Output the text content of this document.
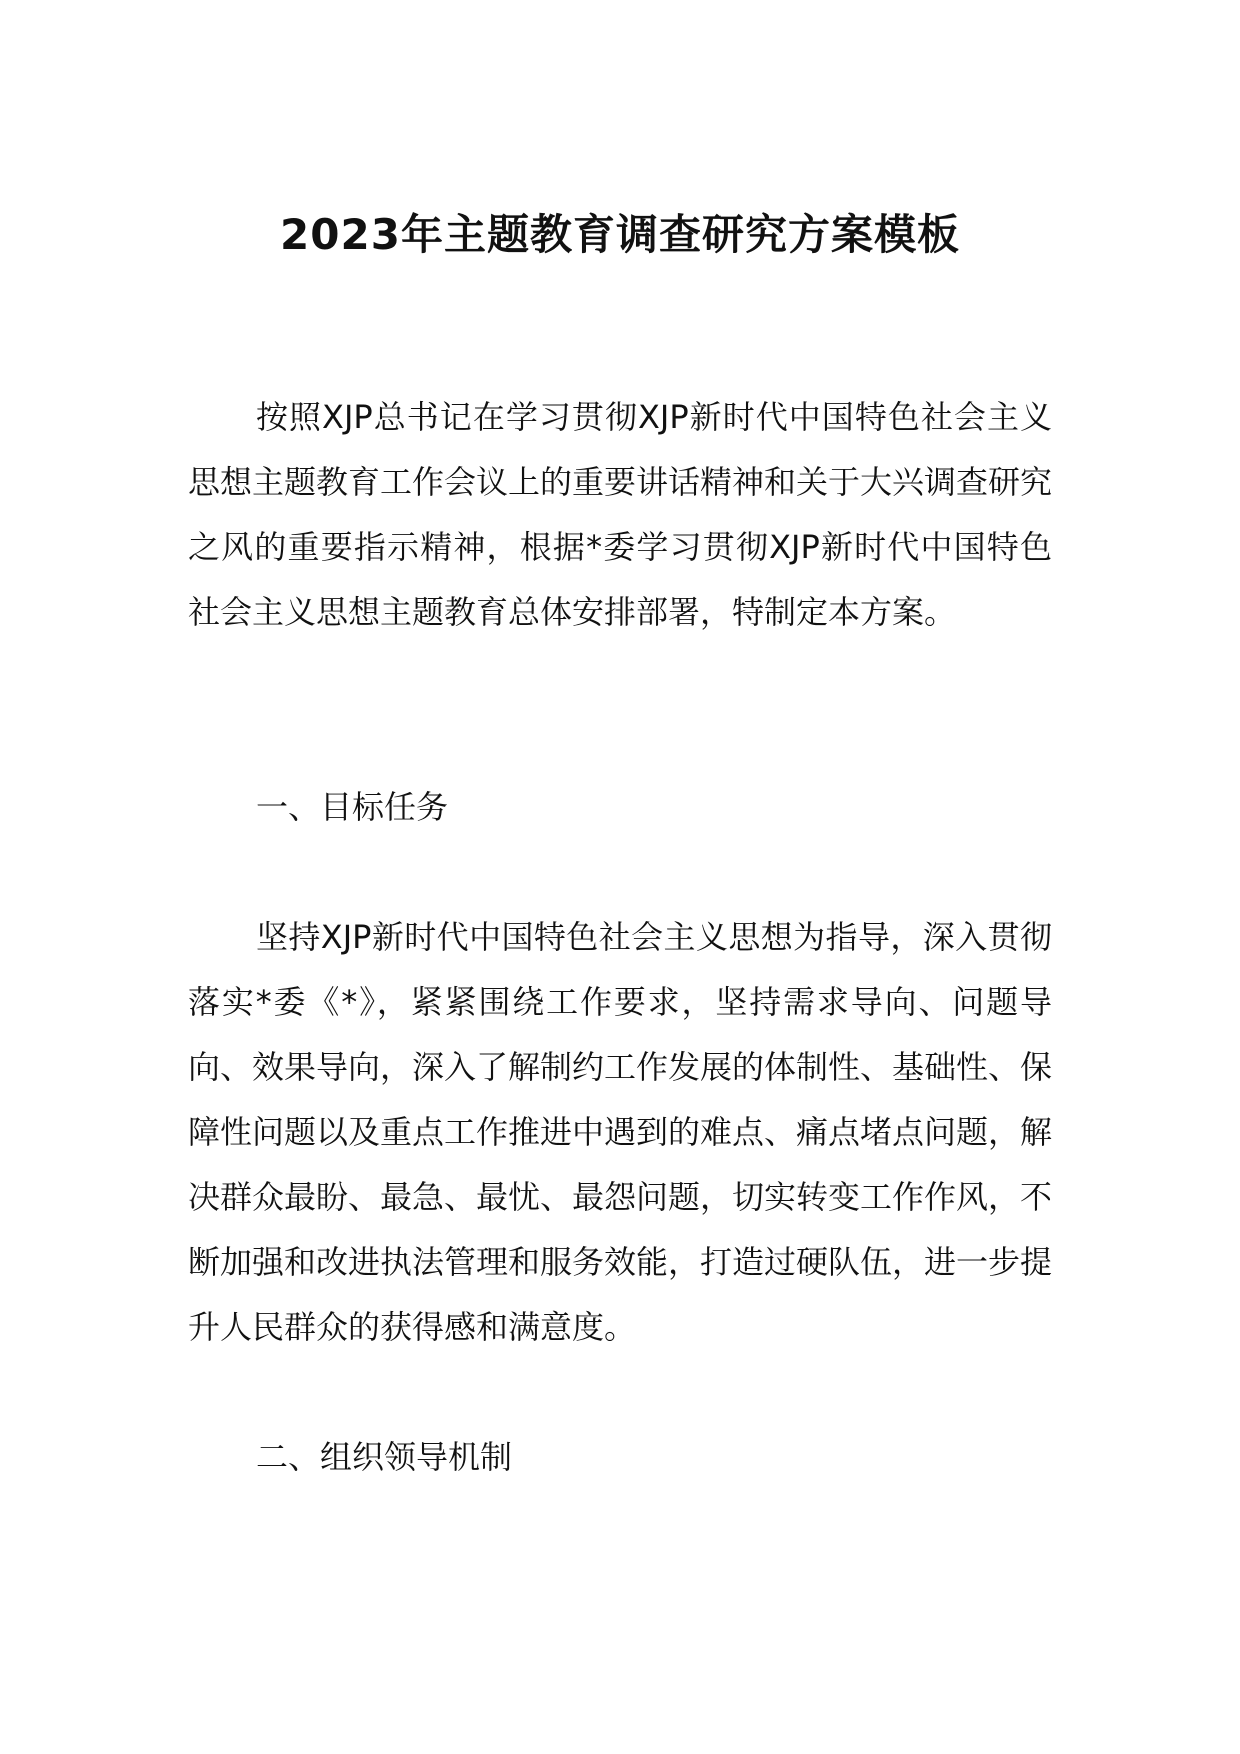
2023年主题教育调查研究方案模板

按照XJP总书记在学习贯彻XJP新时代中国特色社会主义思想主题教育工作会议上的重要讲话精神和关于大兴调查研究之风的重要指示精神，根据*委学习贯彻XJP新时代中国特色社会主义思想主题教育总体安排部署，特制定本方案。

一、目标任务

坚持XJP新时代中国特色社会主义思想为指导，深入贯彻落实*委《*》，紧紧围绕工作要求，坚持需求导向、问题导向、效果导向，深入了解制约工作发展的体制性、基础性、保障性问题以及重点工作推进中遇到的难点、痛点堵点问题，解决群众最盼、最急、最忧、最怨问题，切实转变工作作风，不断加强和改进执法管理和服务效能，打造过硬队伍，进一步提升人民群众的获得感和满意度。

二、组织领导机制
